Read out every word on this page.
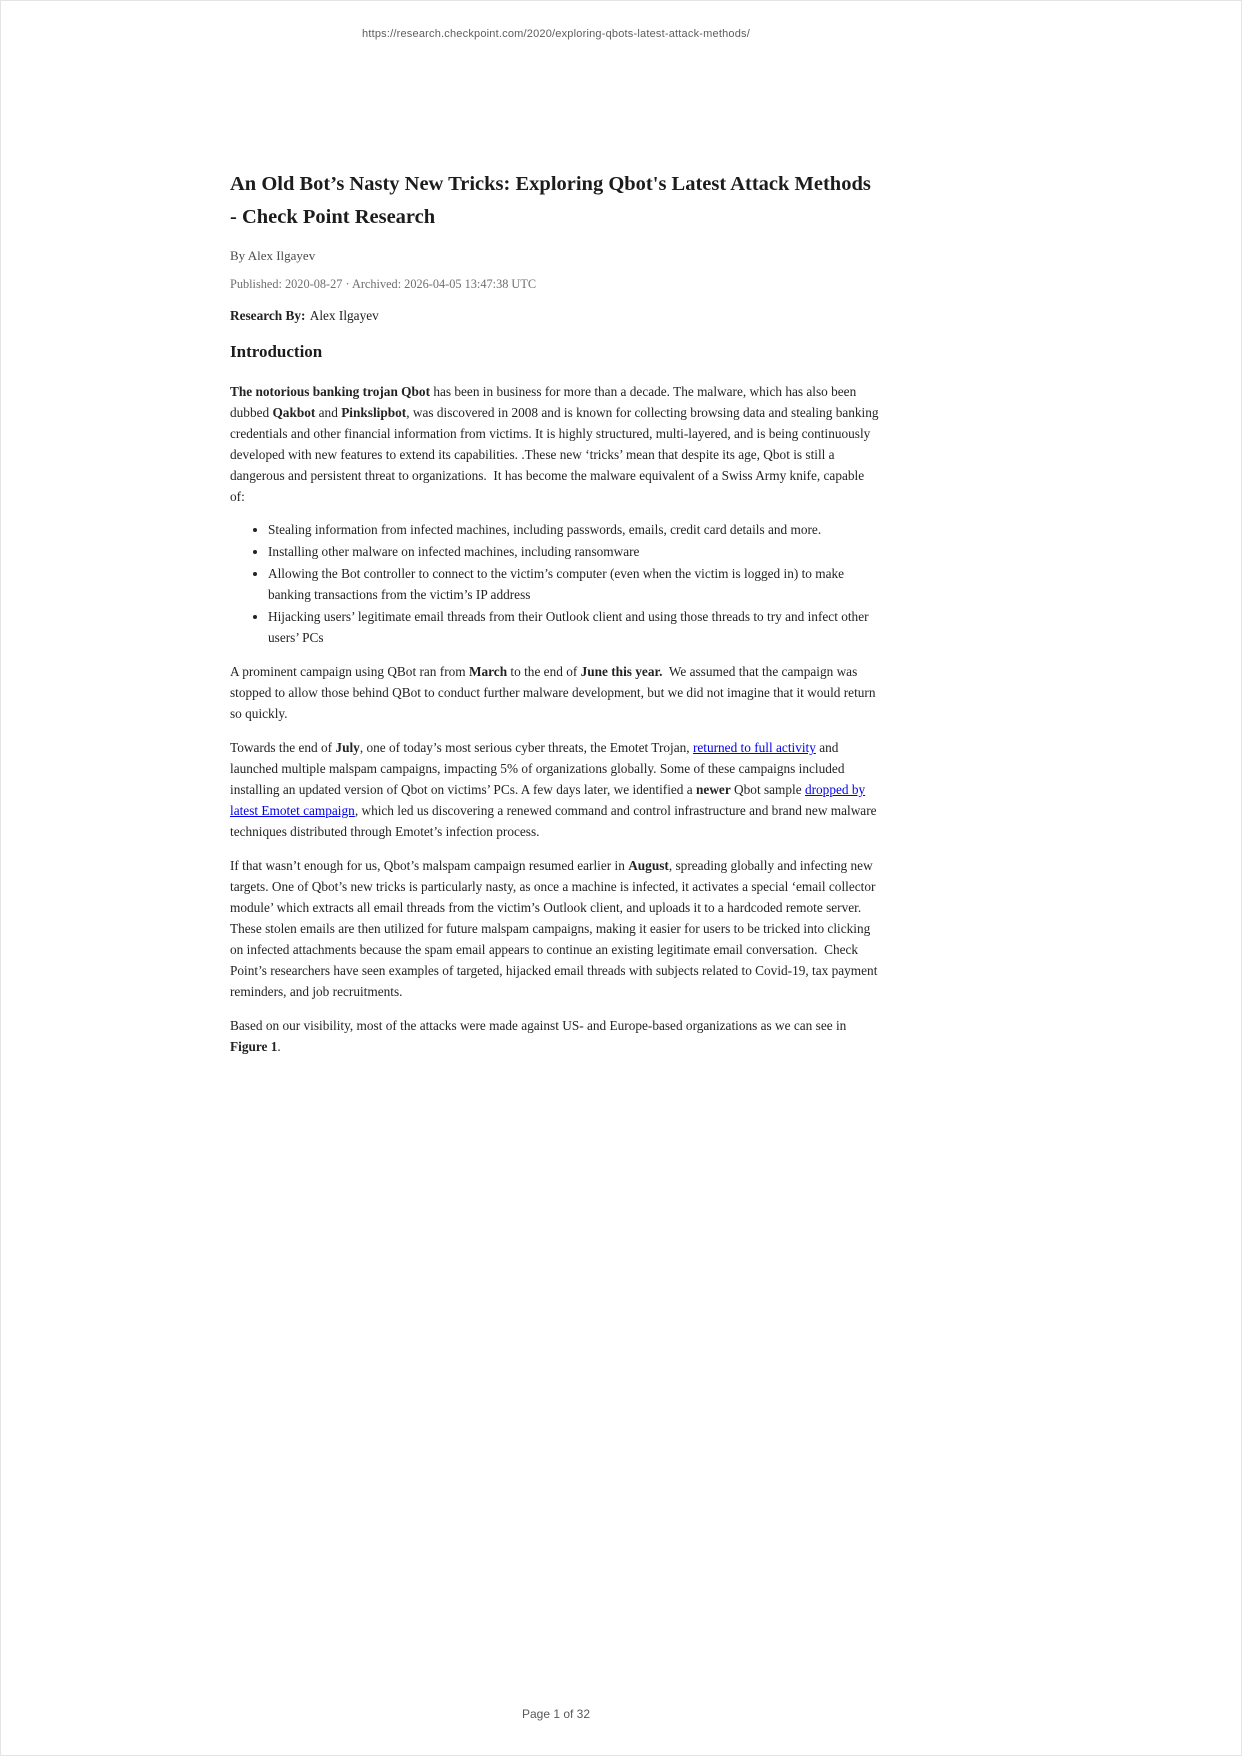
https://research.checkpoint.com/2020/exploring-qbots-latest-attack-methods/
An Old Bot’s Nasty New Tricks: Exploring Qbot's Latest Attack Methods - Check Point Research
By Alex Ilgayev
Published: 2020-08-27 · Archived: 2026-04-05 13:47:38 UTC
Research By: Alex Ilgayev
Introduction

The notorious banking trojan Qbot has been in business for more than a decade. The malware, which has also been dubbed Qakbot and Pinkslipbot, was discovered in 2008 and is known for collecting browsing data and stealing banking credentials and other financial information from victims. It is highly structured, multi-layered, and is being continuously developed with new features to extend its capabilities. .These new ‘tricks’ mean that despite its age, Qbot is still a dangerous and persistent threat to organizations.  It has become the malware equivalent of a Swiss Army knife, capable of:

• Stealing information from infected machines, including passwords, emails, credit card details and more.
• Installing other malware on infected machines, including ransomware
• Allowing the Bot controller to connect to the victim’s computer (even when the victim is logged in) to make banking transactions from the victim’s IP address
• Hijacking users’ legitimate email threads from their Outlook client and using those threads to try and infect other users’ PCs

A prominent campaign using QBot ran from March to the end of June this year.  We assumed that the campaign was stopped to allow those behind QBot to conduct further malware development, but we did not imagine that it would return so quickly.

Towards the end of July, one of today’s most serious cyber threats, the Emotet Trojan, returned to full activity and launched multiple malspam campaigns, impacting 5% of organizations globally. Some of these campaigns included installing an updated version of Qbot on victims’ PCs. A few days later, we identified a newer Qbot sample dropped by latest Emotet campaign, which led us discovering a renewed command and control infrastructure and brand new malware techniques distributed through Emotet’s infection process.

If that wasn’t enough for us, Qbot’s malspam campaign resumed earlier in August, spreading globally and infecting new targets. One of Qbot’s new tricks is particularly nasty, as once a machine is infected, it activates a special ‘email collector module’ which extracts all email threads from the victim’s Outlook client, and uploads it to a hardcoded remote server. These stolen emails are then utilized for future malspam campaigns, making it easier for users to be tricked into clicking on infected attachments because the spam email appears to continue an existing legitimate email conversation.  Check Point’s researchers have seen examples of targeted, hijacked email threads with subjects related to Covid-19, tax payment reminders, and job recruitments.

Based on our visibility, most of the attacks were made against US- and Europe-based organizations as we can see in Figure 1.

Page 1 of 32
